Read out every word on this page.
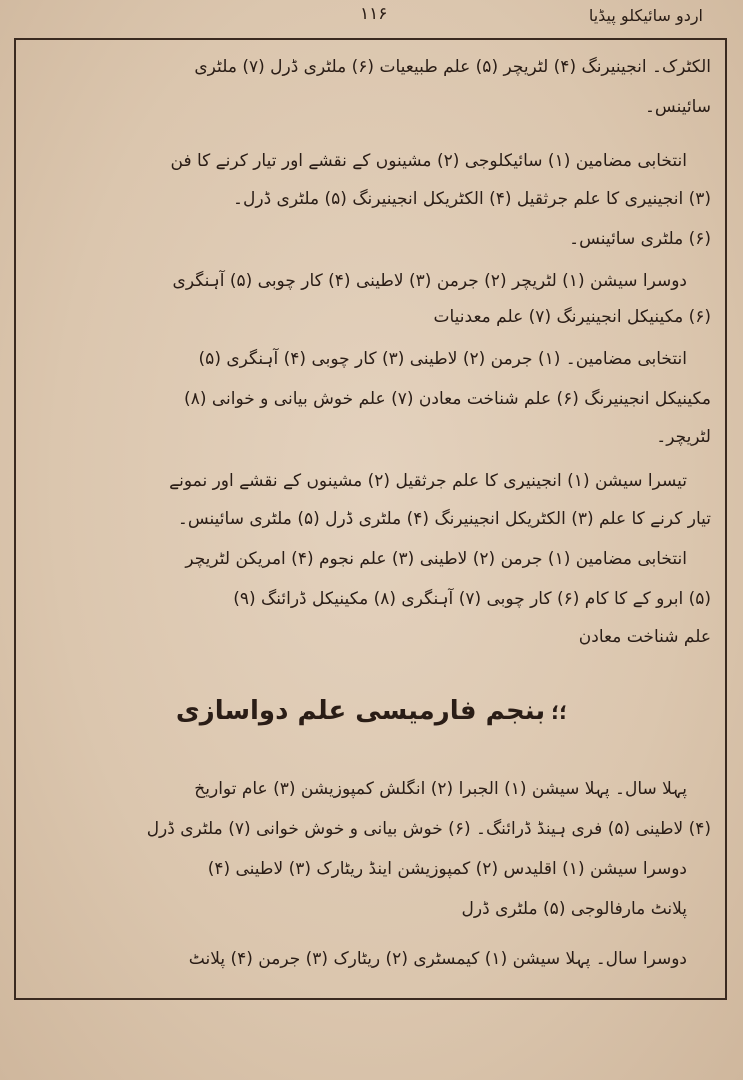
۱۱۶	اردو سائیکلو پیڈیا
الکٹرک۔ انجینیرنگ (۴) لٹریچر (۵) علم طبیعیات (۶) ملٹری ڈرل (۷) ملٹری
سائینس۔
انتخابی مضامین (۱) سائیکلوجی (۲) مشینوں کے نقشے اور تیار کرنے کا فن
(۳) انجینیری کا علم جرثقیل (۴) الکٹریکل انجینیرنگ (۵) ملٹری ڈرل۔
(۶) ملٹری سائینس۔
دوسرا سیشن (۱) لٹریچر (۲) جرمن (۳) لاطینی (۴) کار چوبی (۵) آہنگری
(۶) مکینیکل انجینیرنگ (۷) علم معدنیات
انتخابی مضامین۔ (۱) جرمن (۲) لاطینی (۳) کار چوبی (۴) آہنگری (۵)
مکینیکل انجینیرنگ (۶) علم شناخت معادن (۷) علم خوش بیانی و خوانی (۸)
لٹریچر۔
تیسرا سیشن (۱) انجینیری کا علم جرثقیل (۲) مشینوں کے نقشے اور نمونے
تیار کرنے کا علم (۳) الکٹریکل انجینیرنگ (۴) ملٹری ڈرل (۵) ملٹری سائینس۔
انتخابی مضامین (۱) جرمن (۲) لاطینی (۳) علم نجوم (۴) امریکن لٹریچر
(۵) ابرو کے کا کام (۶) کار چوبی (۷) آہنگری (۸) مکینیکل ڈرائنگ (۹)
علم شناخت معادن
؛؛بنجم فارمیسی علم دواسازی
پہلا سال۔ پہلا سیشن (۱) الجبرا (۲) انگلش کمپوزیشن (۳) عام تواریخ
(۴) لاطینی (۵) فری ہینڈ ڈرائنگ۔ (۶) خوش بیانی و خوش خوانی (۷) ملٹری ڈرل
دوسرا سیشن (۱) اقلیدس (۲) کمپوزیشن اینڈ ریٹارک (۳) لاطینی (۴)
پلانٹ مارفالوجی (۵) ملٹری ڈرل
دوسرا سال۔ پہلا سیشن (۱) کیمسٹری (۲) ریٹارک (۳) جرمن (۴) پلانٹ
